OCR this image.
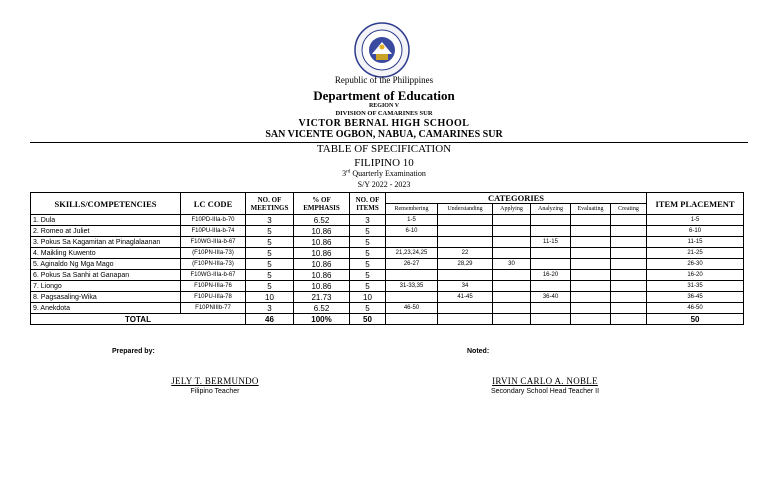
Republic of the Philippines
Department of Education
REGION V
DIVISION OF CAMARINES SUR
VICTOR BERNAL HIGH SCHOOL
SAN VICENTE OGBON, NABUA, CAMARINES SUR
TABLE OF SPECIFICATION
FILIPINO 10
3rd Quarterly Examination
S/Y 2022 - 2023
SKILLS/COMPETENCIES	LC CODE	NO. OF MEETINGS	% OF EMPHASIS	NO. OF ITEMS	CATEGORIES						ITEM PLACEMENT
					Remembering	Understanding	Applying	Analyzing	Evaluating	Creating	
1. Dula	F10PD-IIIa-b-70	3	6.52	3	1-5						1-5
2. Romeo at Juliet	F10PU-IIIa-b-74	5	10.86	5	6-10						6-10
3. Pokus Sa Kagamitan at Pinaglalaanan	F10WG-IIIa-b-67	5	10.86	5				11-15			11-15
4. Maikling Kuwento	(F10PN-IIIa-73)	5	10.86	5	21,23,24,25	22					21-25
5. Aginaldo Ng Mga Mago	(F10PN-IIIa-73)	5	10.86	5	26-27	28,29	30				26-30
6. Pokus Sa Sanhi at Ganapan	F10WG-IIIa-b-67	5	10.86	5				16-20			16-20
7. Liongo	F10PN-IIIa-76	5	10.86	5	31-33,35	34					31-35
8. Pagsasaling-Wika	F10PU-IIIa-78	10	21.73	10		41-45		36-40			36-45
9. Anekdota	F10PNIIIb-77	3	6.52	5	46-50						46-50
TOTAL		46	100%	50							50
Prepared by:	Noted:
JELY T. BERMUNDO
Filipino Teacher
IRVIN CARLO A. NOBLE
Secondary School Head Teacher II
